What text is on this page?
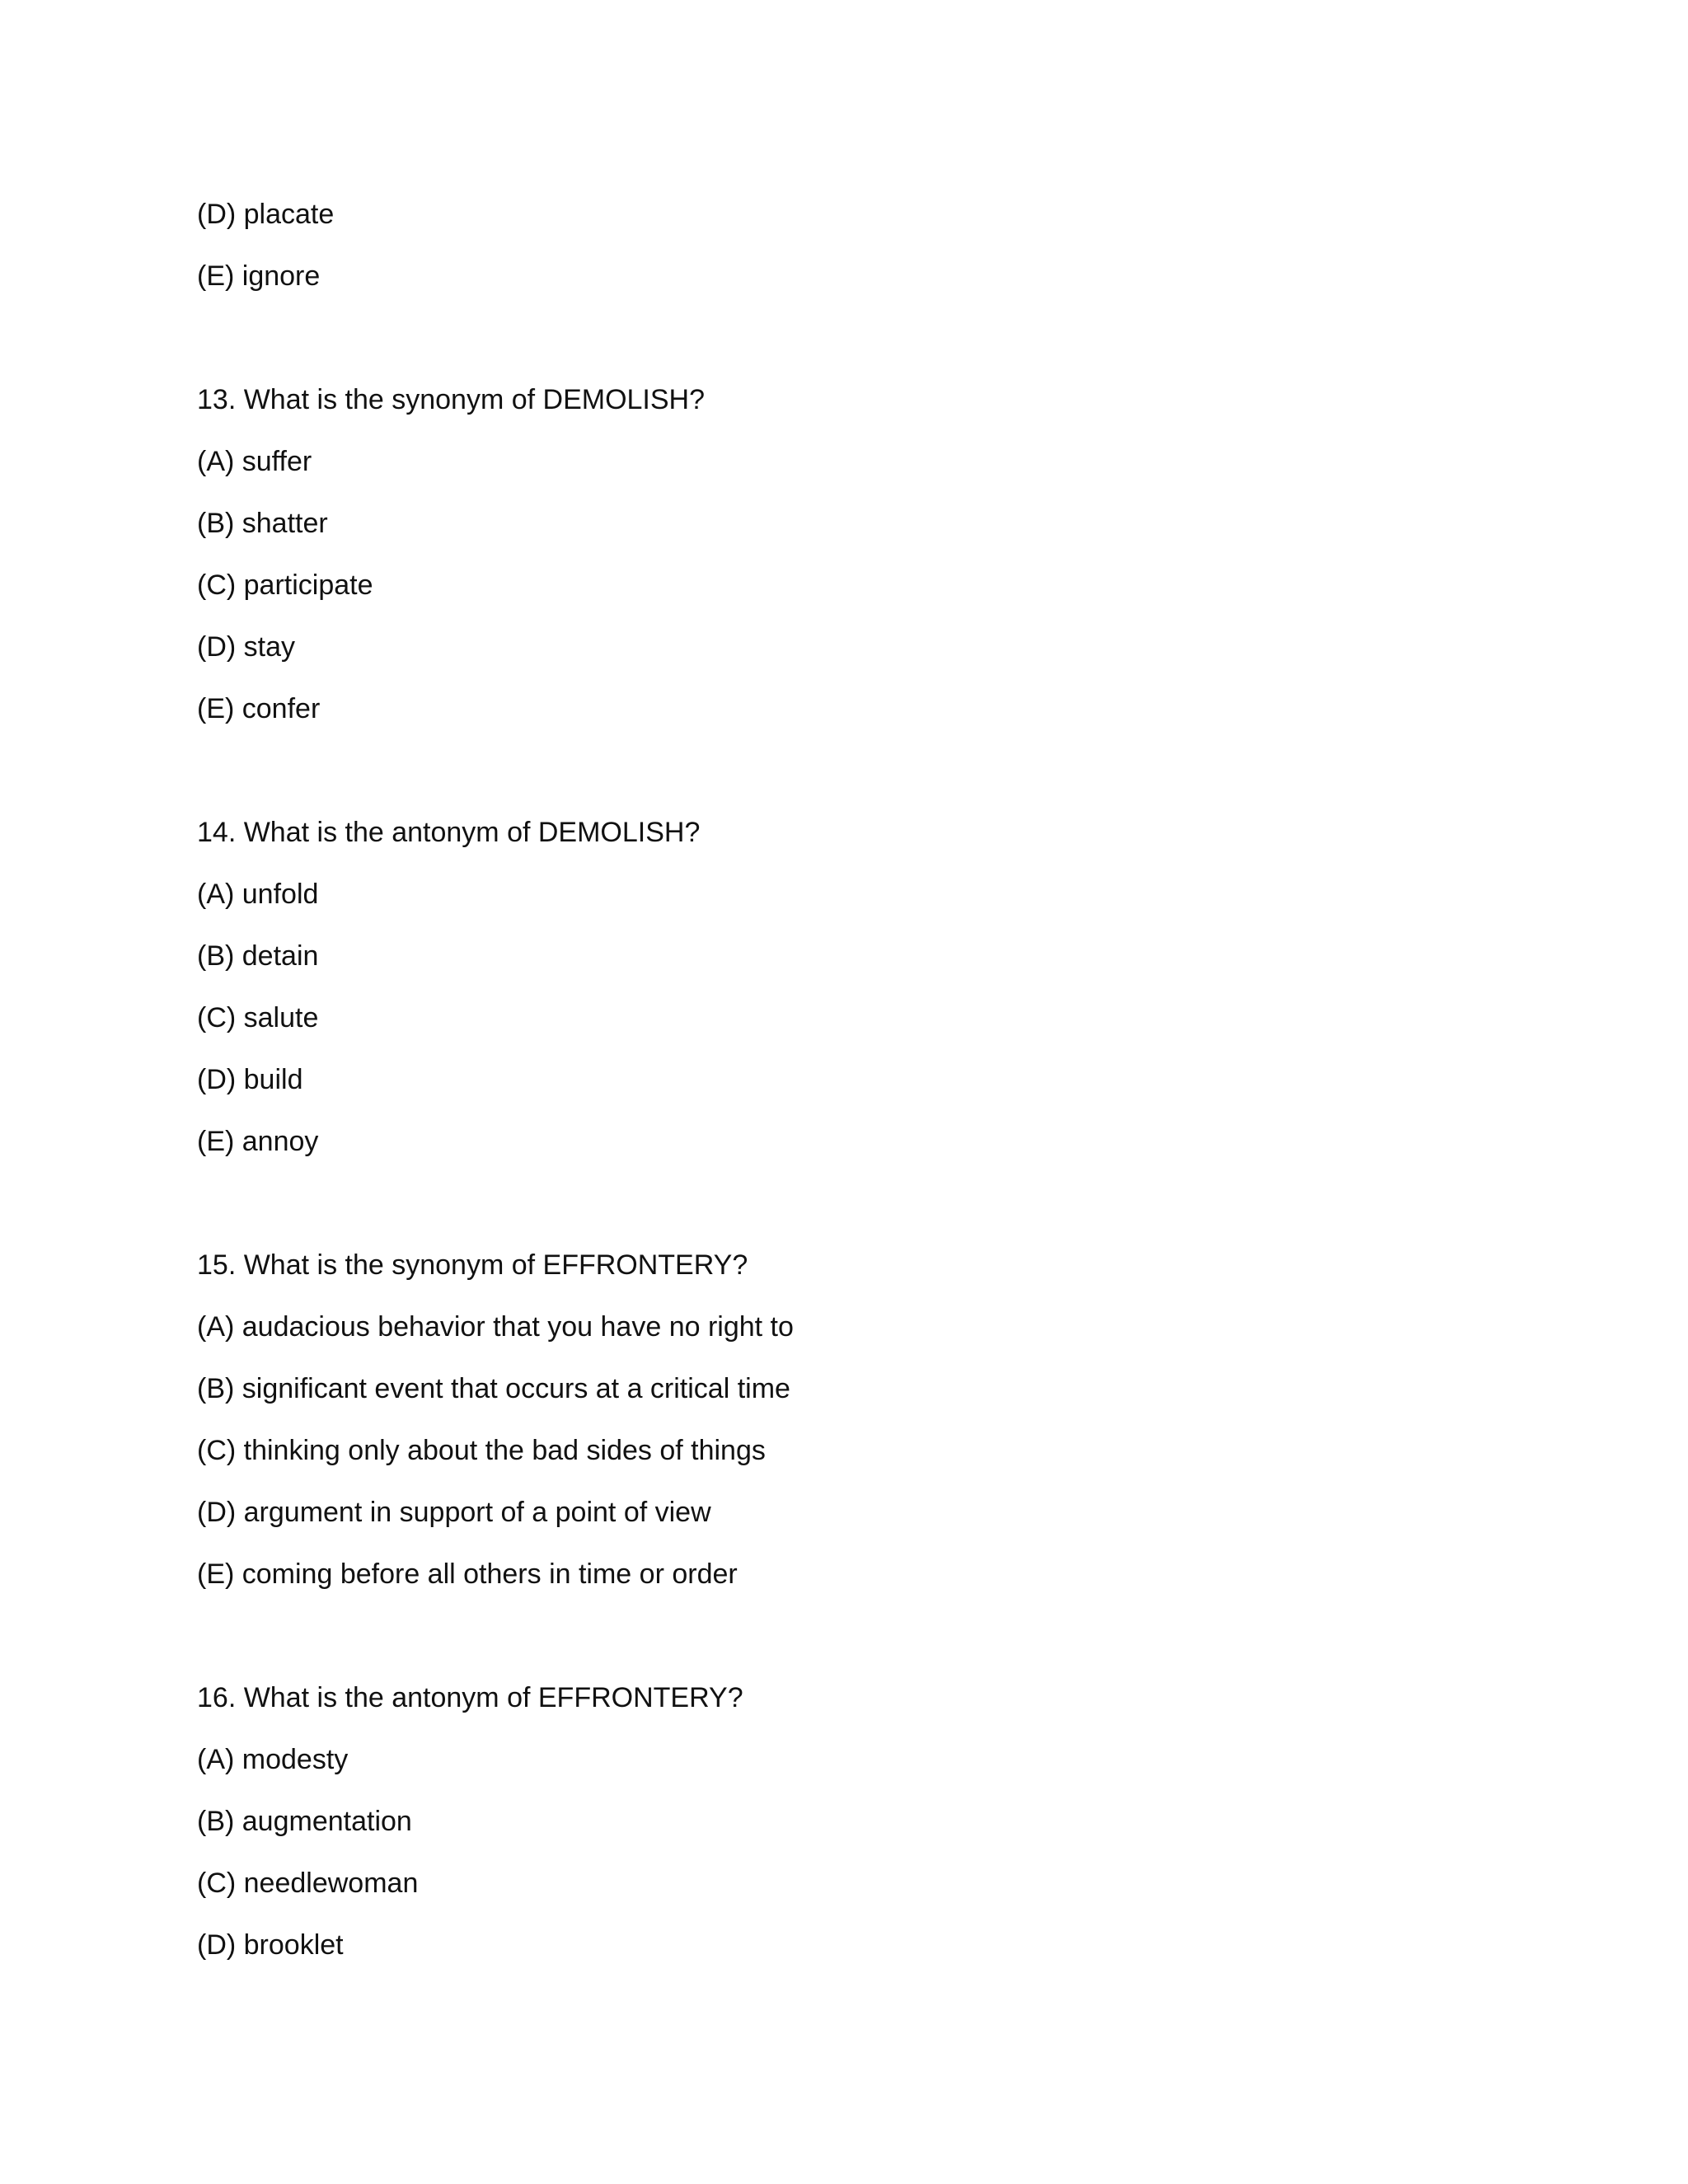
(D) placate
(E) ignore
13. What is the synonym of DEMOLISH?
(A) suffer
(B) shatter
(C) participate
(D) stay
(E) confer
14. What is the antonym of DEMOLISH?
(A) unfold
(B) detain
(C) salute
(D) build
(E) annoy
15. What is the synonym of EFFRONTERY?
(A) audacious behavior that you have no right to
(B) significant event that occurs at a critical time
(C) thinking only about the bad sides of things
(D) argument in support of a point of view
(E) coming before all others in time or order
16. What is the antonym of EFFRONTERY?
(A) modesty
(B) augmentation
(C) needlewoman
(D) brooklet
